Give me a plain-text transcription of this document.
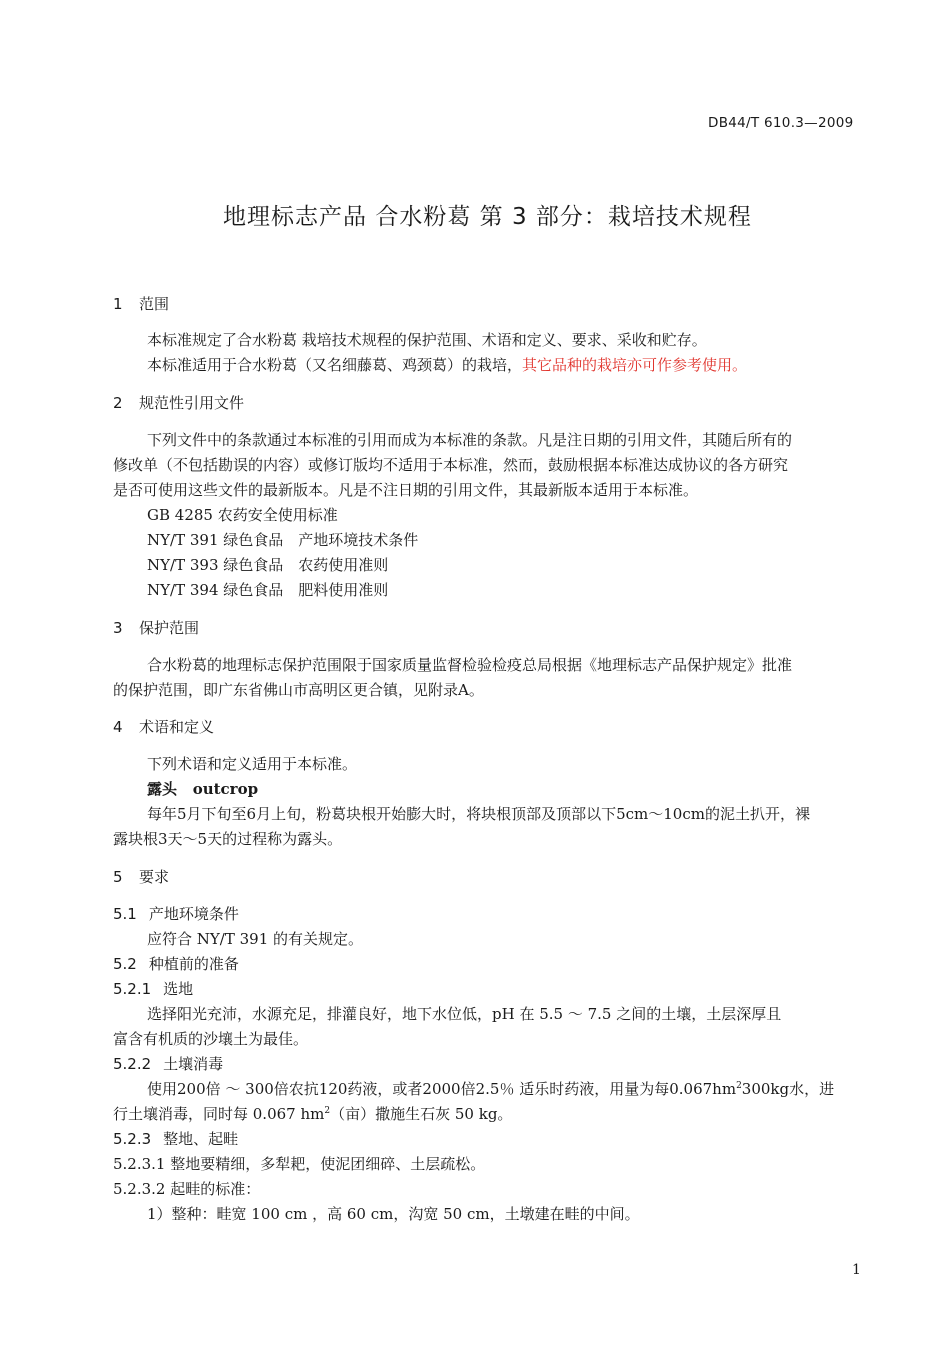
DB44/T 610.3—2009
地理标志产品 合水粉葛 第 3 部分：栽培技术规程
1 范围
本标准规定了合水粉葛 栽培技术规程的保护范围、术语和定义、要求、采收和贮存。
本标准适用于合水粉葛（又名细藤葛、鸡颈葛）的栽培，其它品种的栽培亦可作参考使用。
2 规范性引用文件
下列文件中的条款通过本标准的引用而成为本标准的条款。凡是注日期的引用文件，其随后所有的
修改单（不包括勘误的内容）或修订版均不适用于本标准，然而，鼓励根据本标准达成协议的各方研究
是否可使用这些文件的最新版本。凡是不注日期的引用文件，其最新版本适用于本标准。
GB 4285 农药安全使用标准
NY/T 391 绿色食品　产地环境技术条件
NY/T 393 绿色食品　农药使用准则
NY/T 394 绿色食品　肥料使用准则
3 保护范围
合水粉葛的地理标志保护范围限于国家质量监督检验检疫总局根据《地理标志产品保护规定》批准
的保护范围，即广东省佛山市高明区更合镇，见附录A。
4 术语和定义
下列术语和定义适用于本标准。
露头 outcrop
每年5月下旬至6月上旬，粉葛块根开始膨大时，将块根顶部及顶部以下5cm～10cm的泥土扒开，裸
露块根3天～5天的过程称为露头。
5 要求
5.1 产地环境条件
应符合 NY/T 391 的有关规定。
5.2 种植前的准备
5.2.1 选地
选择阳光充沛，水源充足，排灌良好，地下水位低，pH 在 5.5 ～ 7.5 之间的土壤，土层深厚且
富含有机质的沙壤土为最佳。
5.2.2 土壤消毒
使用200倍 ～ 300倍农抗120药液，或者2000倍2.5％ 适乐时药液，用量为每$0.067hm^2300kg$水，进
行土壤消毒，同时每 0.067 $hm^2$（亩）撒施生石灰 50 kg。
5.2.3 整地、起畦
5.2.3.1 整地要精细，多犁耙，使泥团细碎、土层疏松。
5.2.3.2 起畦的标准：
1）整种：畦宽 100 cm ，高 60 cm，沟宽 50 cm，土墩建在畦的中间。
1
